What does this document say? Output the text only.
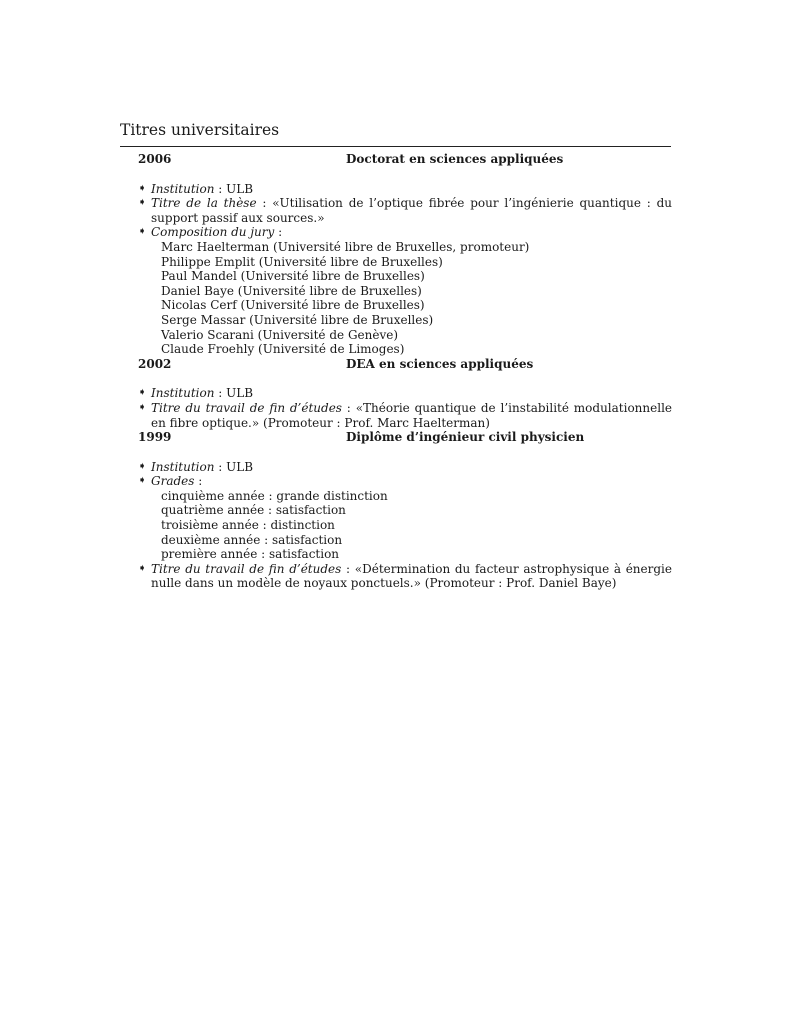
Titres universitaires
2006	Doctorat en sciences appliquées
➧ Institution : ULB
➧ Titre de la thèse : «Utilisation de l’optique fibrée pour l’ingénierie quantique : du support passif aux sources.»
➧ Composition du jury :
Marc Haelterman (Université libre de Bruxelles, promoteur)
Philippe Emplit (Université libre de Bruxelles)
Paul Mandel (Université libre de Bruxelles)
Daniel Baye (Université libre de Bruxelles)
Nicolas Cerf (Université libre de Bruxelles)
Serge Massar (Université libre de Bruxelles)
Valerio Scarani (Université de Genève)
Claude Froehly (Université de Limoges)
2002	DEA en sciences appliquées
➧ Institution : ULB
➧ Titre du travail de fin d’études : «Théorie quantique de l’instabilité modulationnelle en fibre optique.» (Promoteur : Prof. Marc Haelterman)
1999	Diplôme d’ingénieur civil physicien
➧ Institution : ULB
➧ Grades :
cinquième année : grande distinction
quatrième année : satisfaction
troisième année : distinction
deuxième année : satisfaction
première année : satisfaction
➧ Titre du travail de fin d’études : «Détermination du facteur astrophysique à énergie nulle dans un modèle de noyaux ponctuels.» (Promoteur : Prof. Daniel Baye)
